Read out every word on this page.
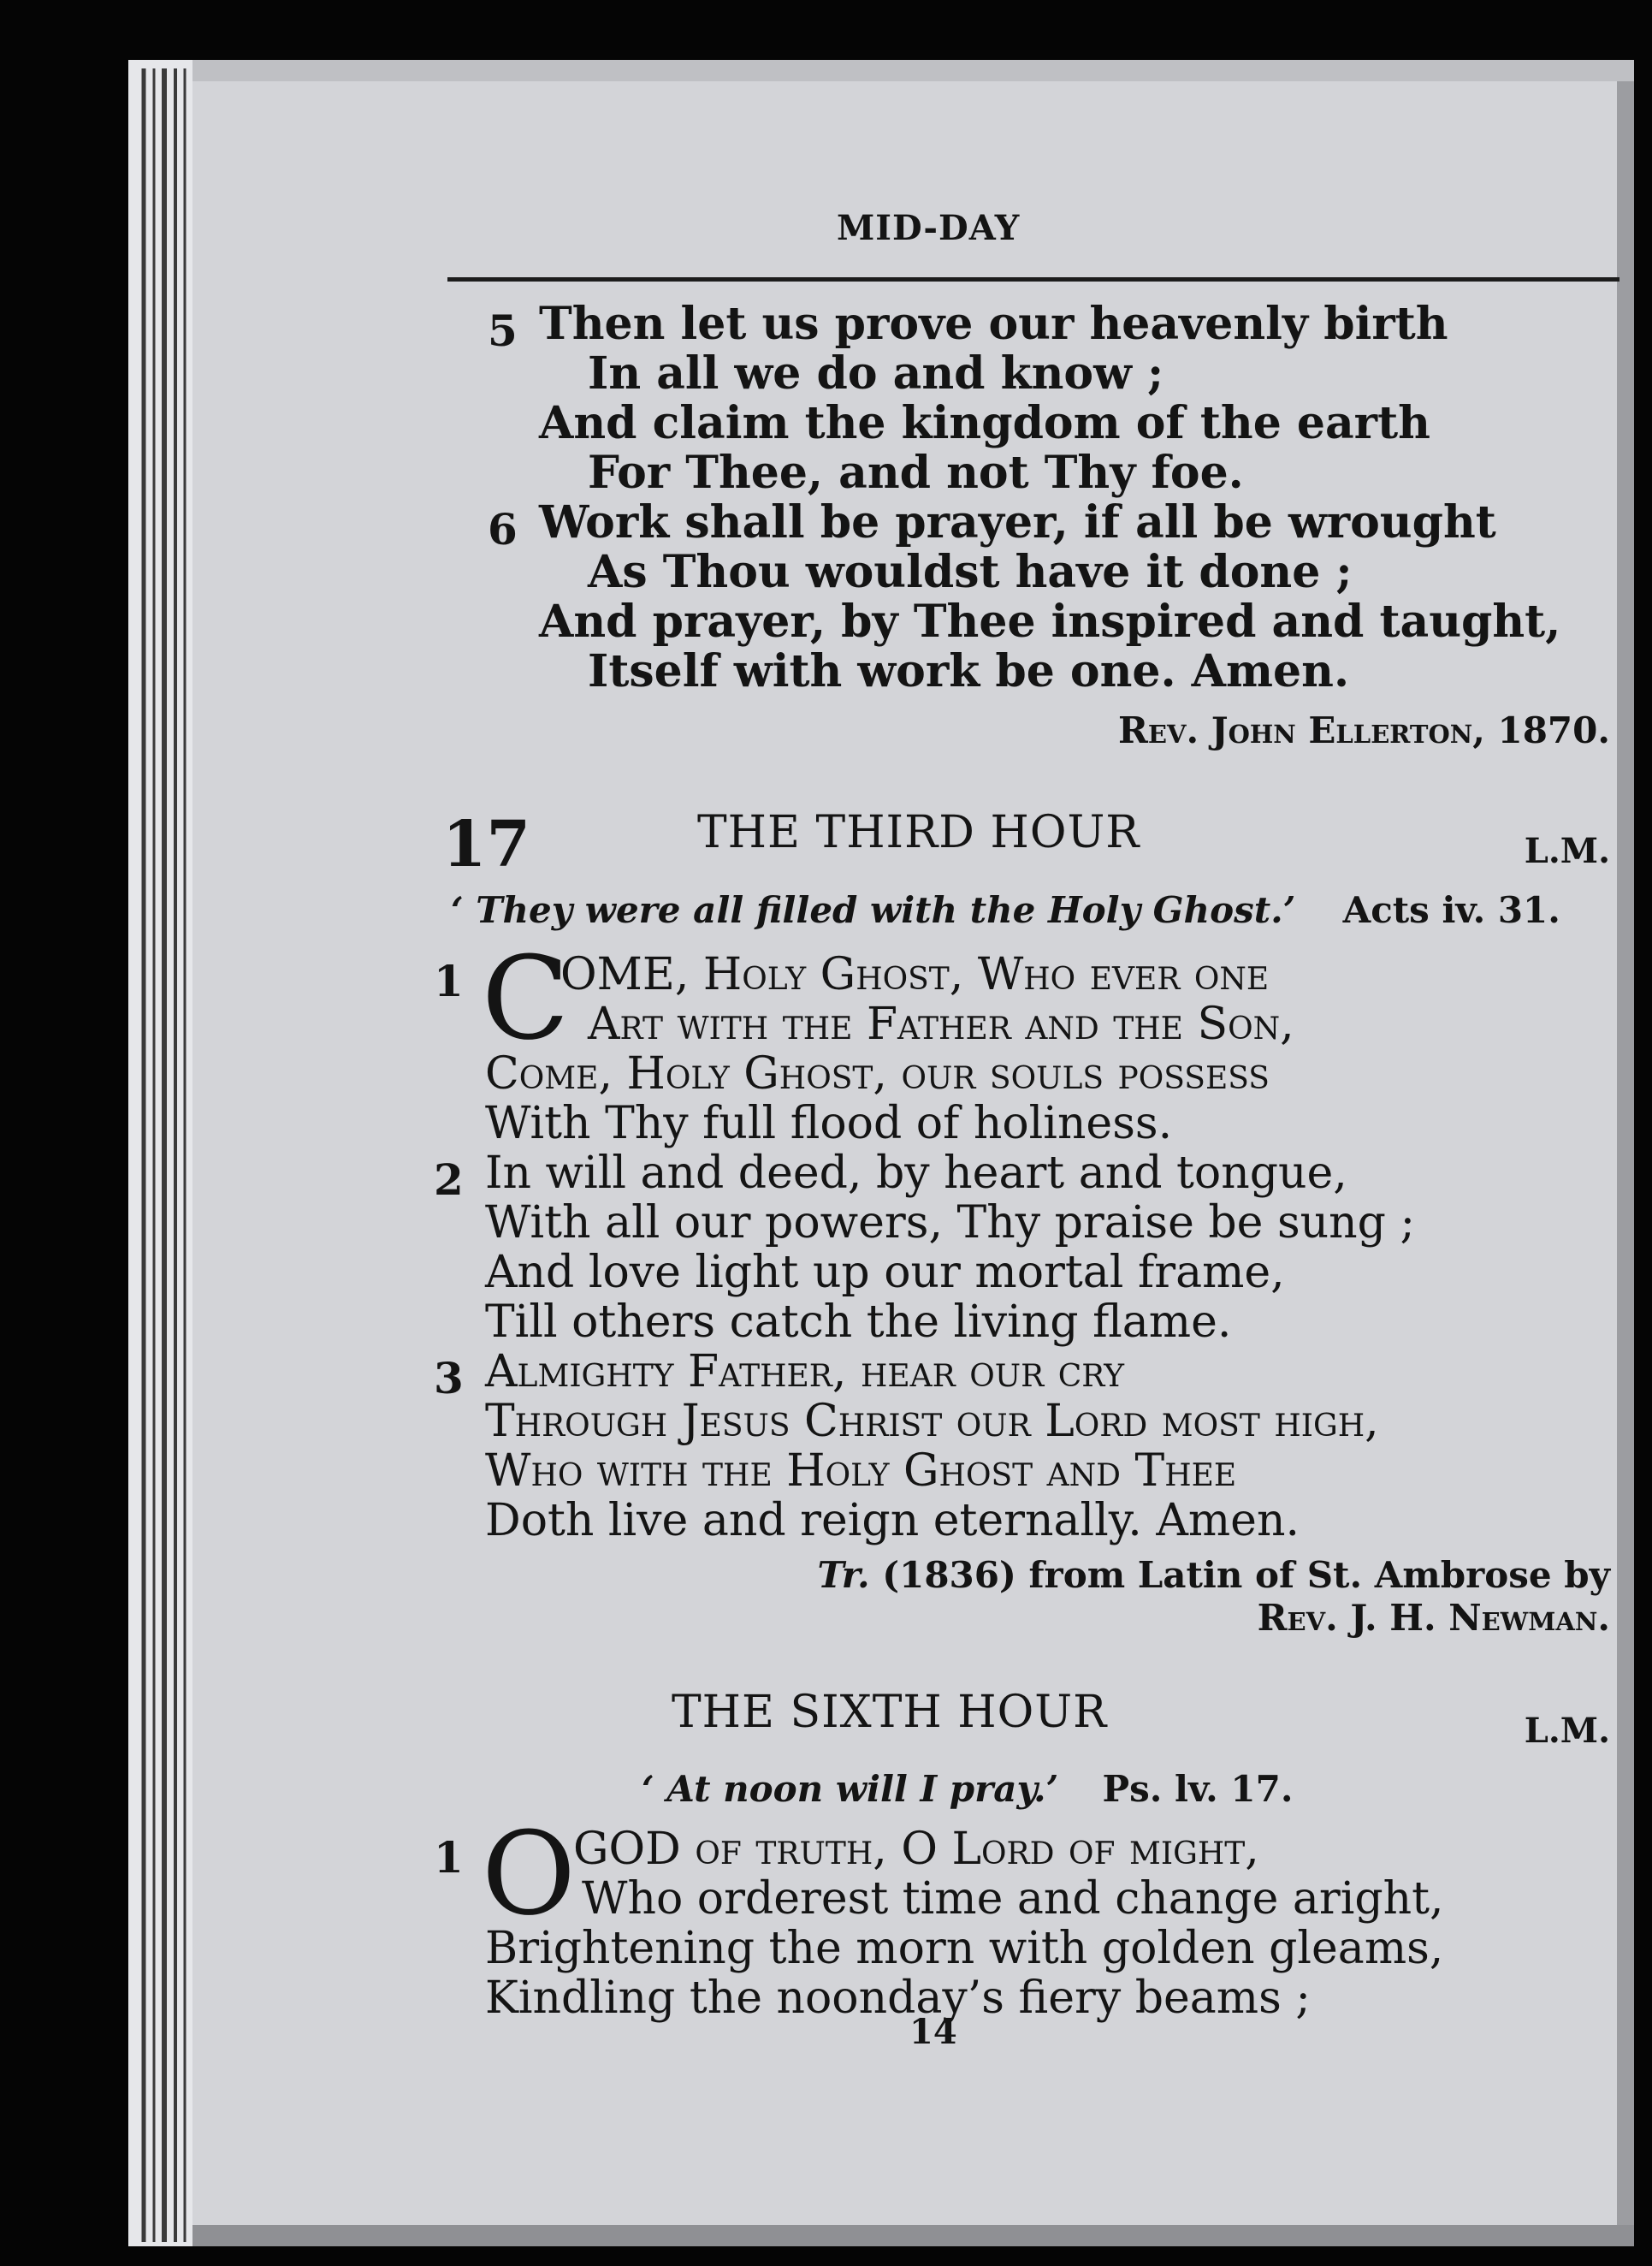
MID-DAY
5 Then let us prove our heavenly birth
In all we do and know ;
And claim the kingdom of the earth
For Thee, and not Thy foe.
6 Work shall be prayer, if all be wrought
As Thou wouldst have it done ;
And prayer, by Thee inspired and taught,
Itself with work be one. Amen.
Rev. John Ellerton, 1870.
17	THE THIRD HOUR	L.M.
‘ They were all filled with the Holy Ghost.’ Acts iv. 31.
1 C
OME, Holy Ghost, Who ever one
Art with the Father and the Son,
Come, Holy Ghost, our souls possess
With Thy full flood of holiness.
2 In will and deed, by heart and tongue,
With all our powers, Thy praise be sung ;
And love light up our mortal frame,
Till others catch the living flame.
3 Almighty Father, hear our cry
Through Jesus Christ our Lord most high,
Who with the Holy Ghost and Thee
Doth live and reign eternally. Amen.
Tr. (1836) from Latin of St. Ambrose by
Rev. J. H. Newman.
THE SIXTH HOUR	L.M.
‘ At noon will I pray.’ Ps. lv. 17.
1 O
GOD of truth, O Lord of might,
Who orderest time and change aright,
Brightening the morn with golden gleams,
Kindling the noonday’s fiery beams ;
14
